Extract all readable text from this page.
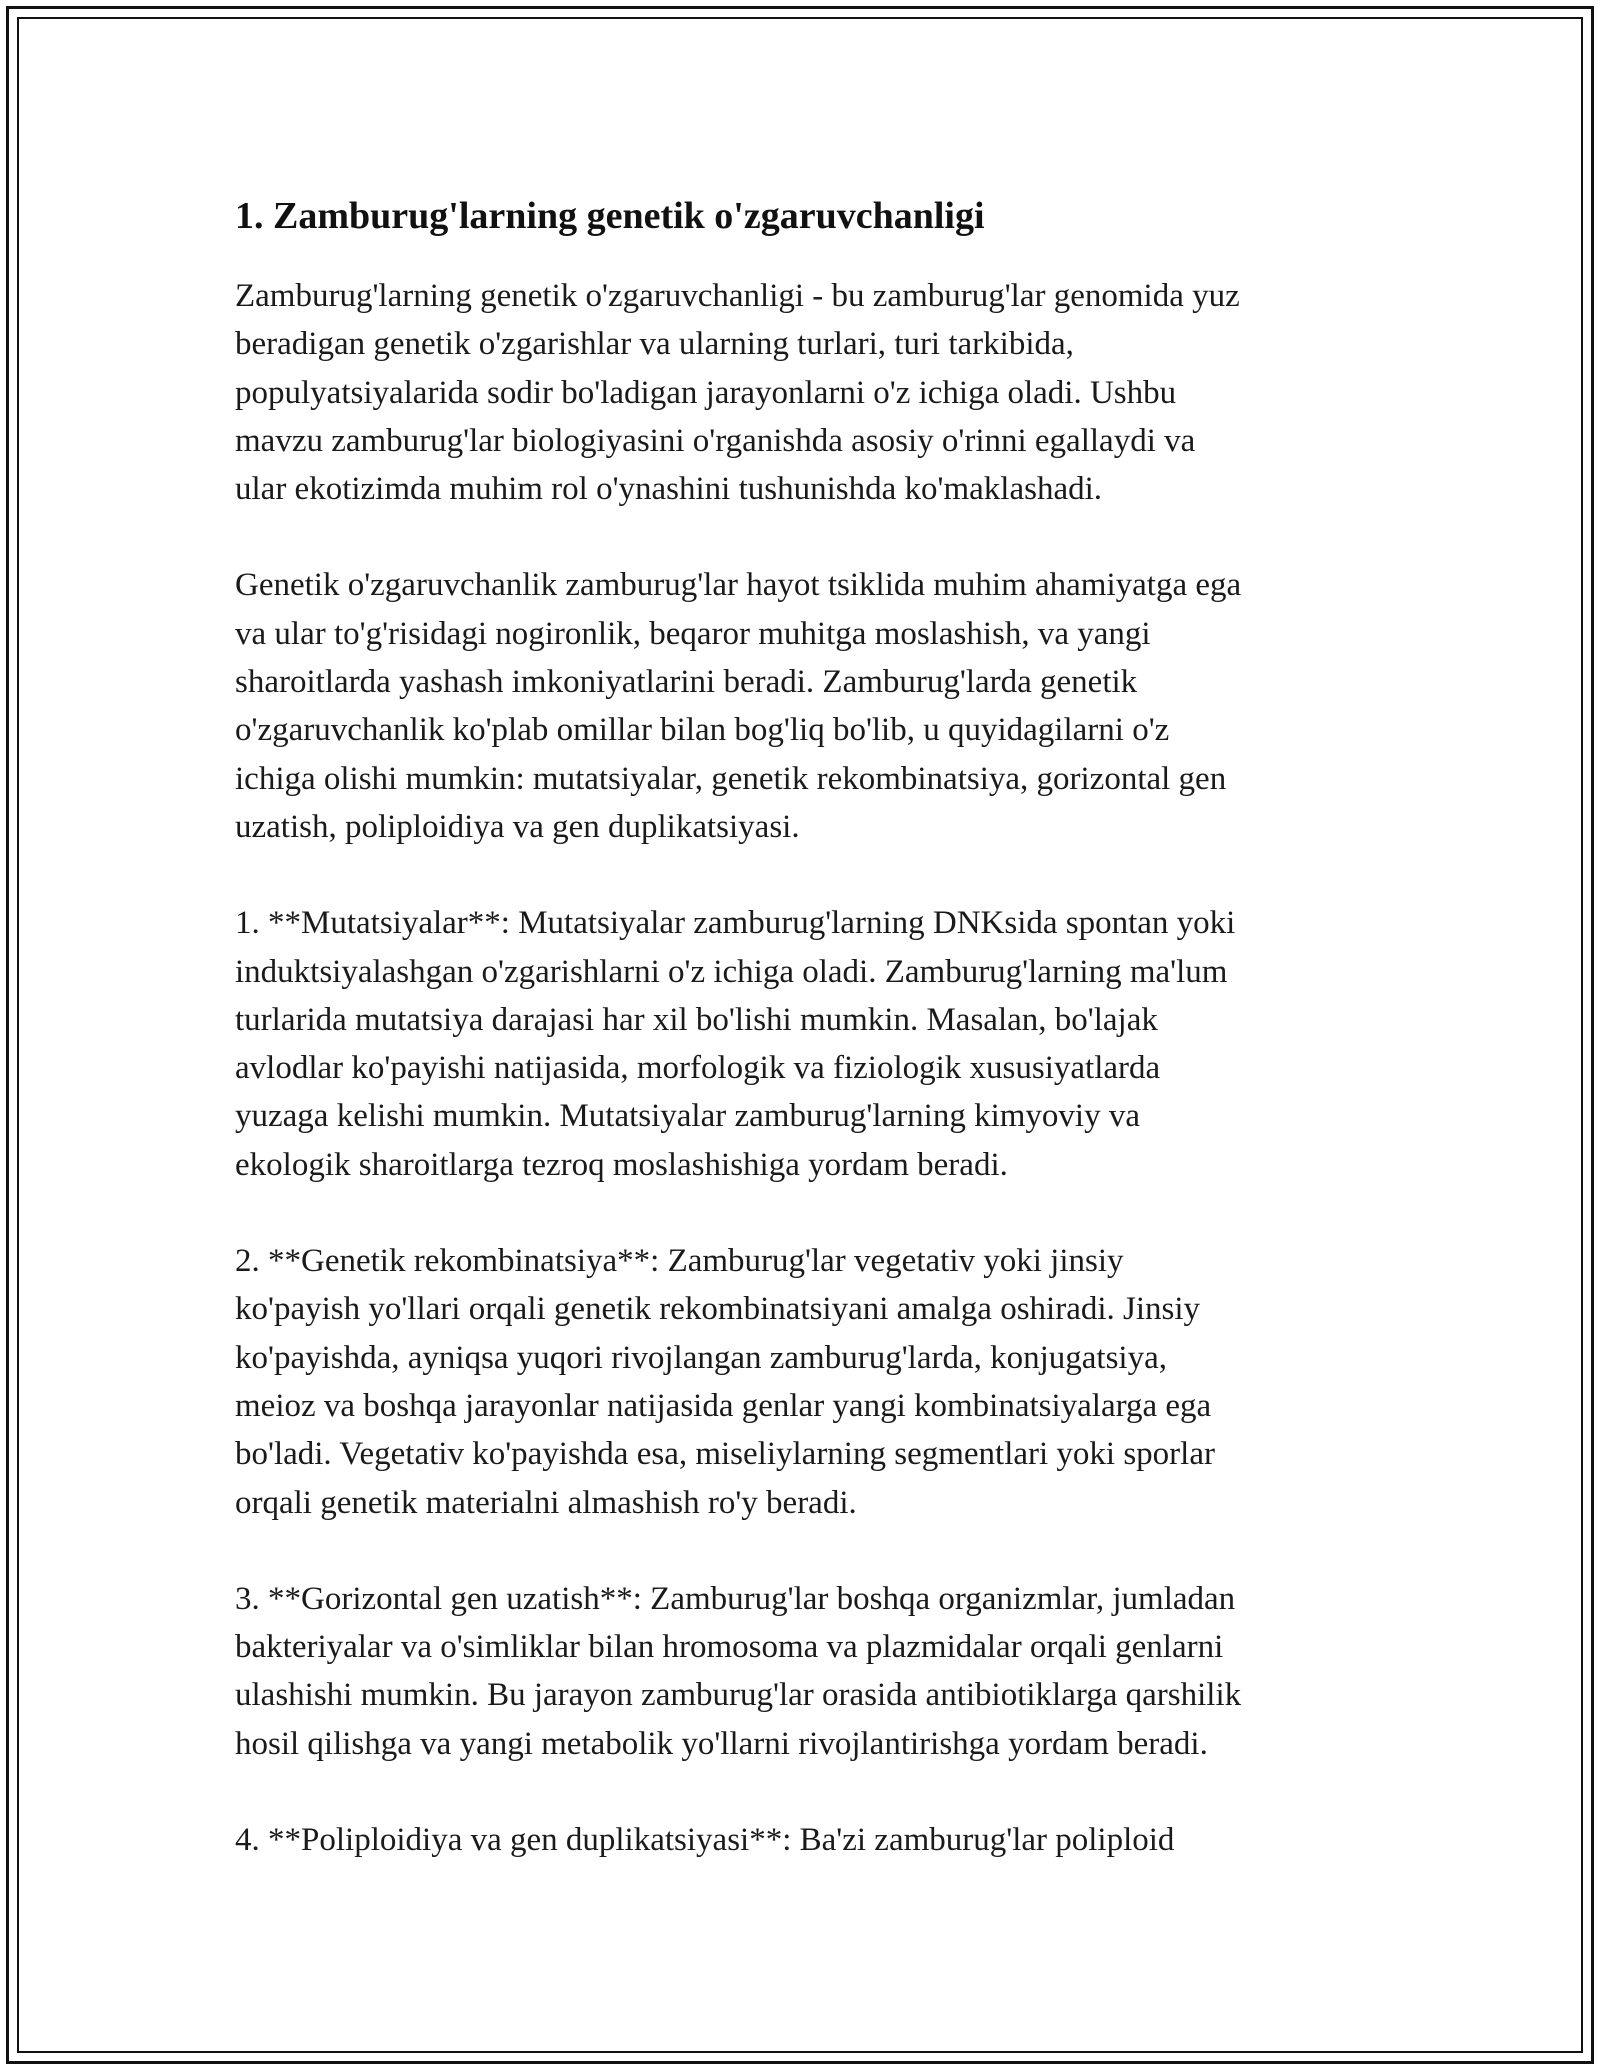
1. Zamburug'larning genetik o'zgaruvchanligi

Zamburug'larning genetik o'zgaruvchanligi - bu zamburug'lar genomida yuz
beradigan genetik o'zgarishlar va ularning turlari, turi tarkibida,
populyatsiyalarida sodir bo'ladigan jarayonlarni o'z ichiga oladi. Ushbu
mavzu zamburug'lar biologiyasini o'rganishda asosiy o'rinni egallaydi va
ular ekotizimda muhim rol o'ynashini tushunishda ko'maklashadi.

Genetik o'zgaruvchanlik zamburug'lar hayot tsiklida muhim ahamiyatga ega
va ular to'g'risidagi nogironlik, beqaror muhitga moslashish, va yangi
sharoitlarda yashash imkoniyatlarini beradi. Zamburug'larda genetik
o'zgaruvchanlik ko'plab omillar bilan bog'liq bo'lib, u quyidagilarni o'z
ichiga olishi mumkin: mutatsiyalar, genetik rekombinatsiya, gorizontal gen
uzatish, poliploidiya va gen duplikatsiyasi.

1. **Mutatsiyalar**: Mutatsiyalar zamburug'larning DNKsida spontan yoki
induktsiyalashgan o'zgarishlarni o'z ichiga oladi. Zamburug'larning ma'lum
turlarida mutatsiya darajasi har xil bo'lishi mumkin. Masalan, bo'lajak
avlodlar ko'payishi natijasida, morfologik va fiziologik xususiyatlarda
yuzaga kelishi mumkin. Mutatsiyalar zamburug'larning kimyoviy va
ekologik sharoitlarga tezroq moslashishiga yordam beradi.

2. **Genetik rekombinatsiya**: Zamburug'lar vegetativ yoki jinsiy
ko'payish yo'llari orqali genetik rekombinatsiyani amalga oshiradi. Jinsiy
ko'payishda, ayniqsa yuqori rivojlangan zamburug'larda, konjugatsiya,
meioz va boshqa jarayonlar natijasida genlar yangi kombinatsiyalarga ega
bo'ladi. Vegetativ ko'payishda esa, miseliylarning segmentlari yoki sporlar
orqali genetik materialni almashish ro'y beradi.

3. **Gorizontal gen uzatish**: Zamburug'lar boshqa organizmlar, jumladan
bakteriyalar va o'simliklar bilan hromosoma va plazmidalar orqali genlarni
ulashishi mumkin. Bu jarayon zamburug'lar orasida antibiotiklarga qarshilik
hosil qilishga va yangi metabolik yo'llarni rivojlantirishga yordam beradi.

4. **Poliploidiya va gen duplikatsiyasi**: Ba'zi zamburug'lar poliploid
